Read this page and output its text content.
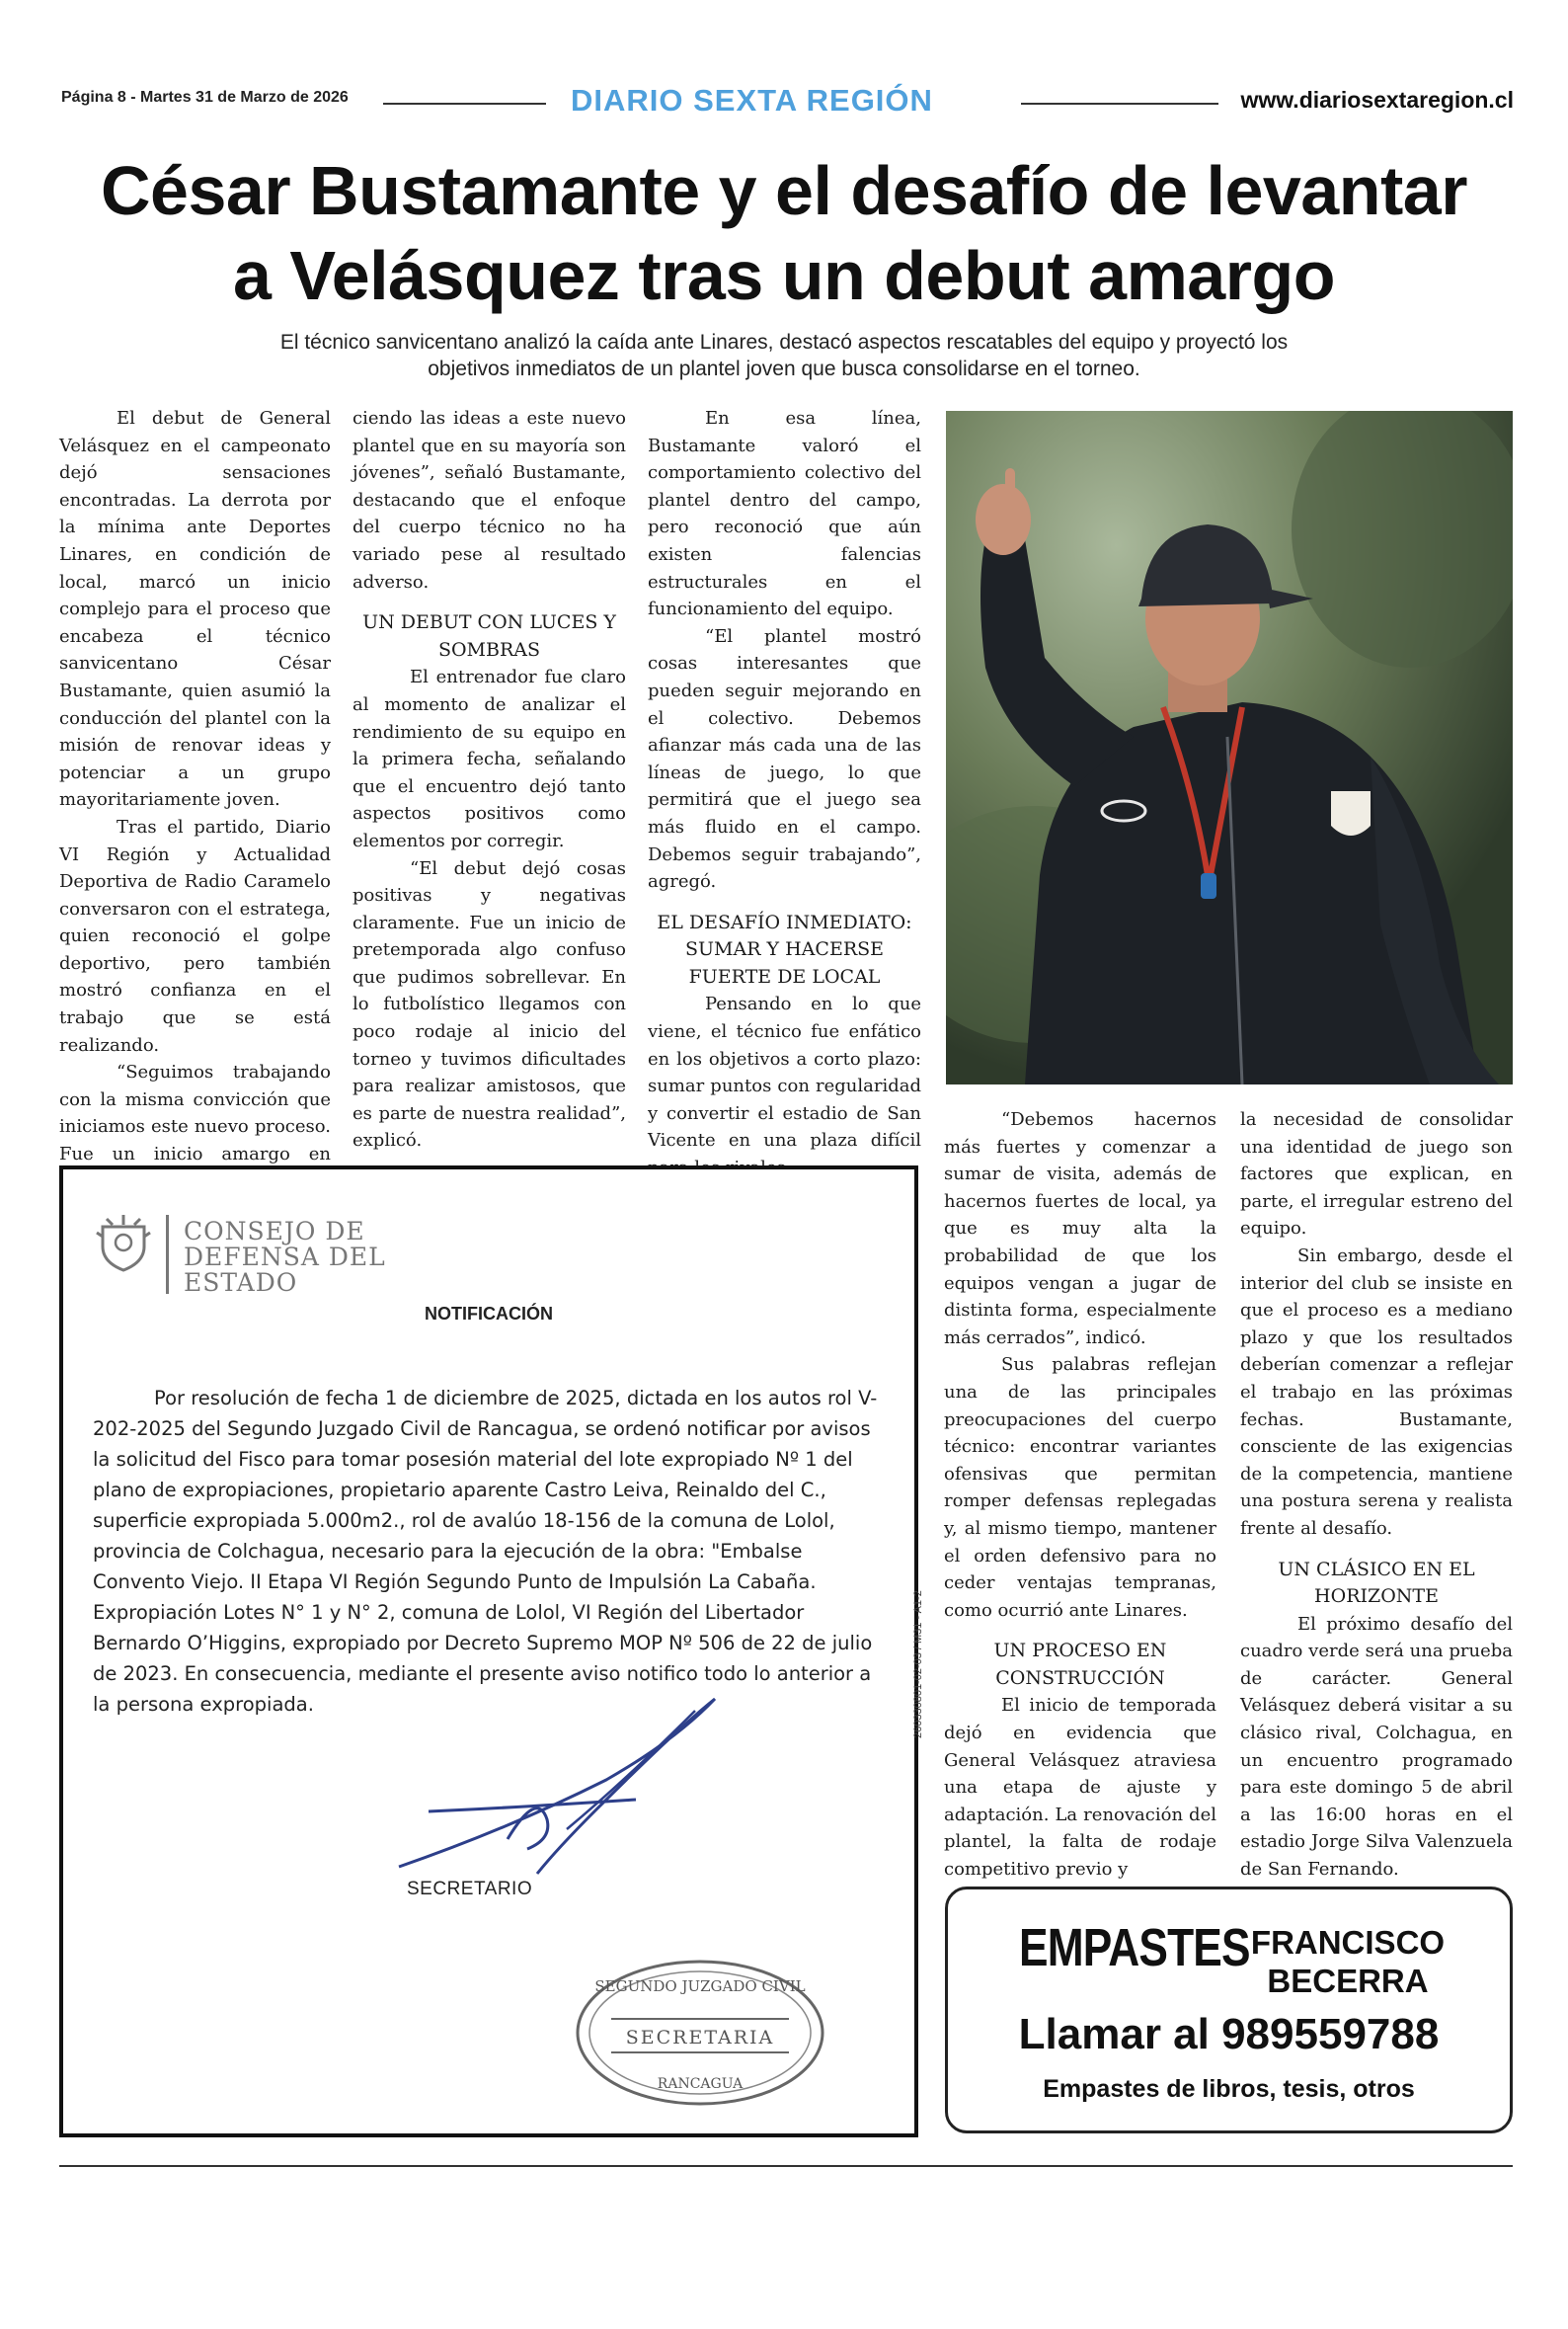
Página 8 - Martes 31 de Marzo de 2026	DIARIO SEXTA REGIÓN	www.diariosextaregion.cl
César Bustamante y el desafío de levantar
a Velásquez tras un debut amargo
El técnico sanvicentano analizó la caída ante Linares, destacó aspectos rescatables del equipo y proyectó los objetivos inmediatos de un plantel joven que busca consolidarse en el torneo.

El debut de General Velásquez en el campeonato dejó sensaciones encontradas. La derrota por la mínima ante Deportes Linares, en condición de local, marcó un inicio complejo para el proceso que encabeza el técnico sanvicentano César Bustamante, quien asumió la conducción del plantel con la misión de renovar ideas y potenciar a un grupo mayoritariamente joven.

Tras el partido, Diario VI Región y Actualidad Deportiva de Radio Caramelo conversaron con el estratega, quien reconoció el golpe deportivo, pero también mostró confianza en el trabajo que se está realizando.

“Seguimos trabajando con la misma convicción que iniciamos este nuevo proceso. Fue un inicio amargo en

ciendo las ideas a este nuevo plantel que en su mayoría son jóvenes”, señaló Bustamante, destacando que el enfoque del cuerpo técnico no ha variado pese al resultado adverso.

UN DEBUT CON LUCES Y SOMBRAS

El entrenador fue claro al momento de analizar el rendimiento de su equipo en la primera fecha, señalando que el encuentro dejó tanto aspectos positivos como elementos por corregir.

“El debut dejó cosas positivas y negativas claramente. Fue un inicio de pretemporada algo confuso que pudimos sobrellevar. En lo futbolístico llegamos con poco rodaje al inicio del torneo y tuvimos dificultades para realizar amistosos, que es parte de nuestra realidad”, explicó.

En esa línea, Bustamante valoró el comportamiento colectivo del plantel dentro del campo, pero reconoció que aún existen falencias estructurales en el funcionamiento del equipo.

“El plantel mostró cosas interesantes que pueden seguir mejorando en el colectivo. Debemos afianzar más cada una de las líneas de juego, lo que permitirá que el juego sea más fluido en el campo. Debemos seguir trabajando”, agregó.

EL DESAFÍO INMEDIATO: SUMAR Y HACERSE FUERTE DE LOCAL

Pensando en lo que viene, el técnico fue enfático en los objetivos a corto plazo: sumar puntos con regularidad y convertir el estadio de San Vicente en una plaza difícil

“Debemos hacernos más fuertes y comenzar a sumar de visita, además de hacernos fuertes de local, ya que es muy alta la probabilidad de que los equipos vengan a jugar de distinta forma, especialmente más cerrados”, indicó.

Sus palabras reflejan una de las principales preocupaciones del cuerpo técnico: encontrar variantes ofensivas que permitan romper defensas replegadas y, al mismo tiempo, mantener el orden defensivo para no ceder ventajas tempranas, como ocurrió ante Linares.

UN PROCESO EN CONSTRUCCIÓN

El inicio de temporada dejó en evidencia que General Velásquez atraviesa una etapa de ajuste y adaptación. La renovación del plantel, la falta de rodaje competitivo previo y

la necesidad de consolidar una identidad de juego son factores que explican, en parte, el irregular estreno del equipo.

Sin embargo, desde el interior del club se insiste en que el proceso es a mediano plazo y que los resultados deberían comenzar a reflejar el trabajo en las próximas fechas. Bustamante, consciente de las exigencias de la competencia, mantiene una postura serena y realista frente al desafío.

UN CLÁSICO EN EL HORIZONTE

El próximo desafío del cuadro verde será una prueba de carácter. General Velásquez deberá visitar a su clásico rival, Colchagua, en un encuentro programado para este domingo 5 de abril a las 16:00 horas en el estadio Jorge Silva Valenzuela de San Fernando.

CONSEJO DE
DEFENSA DEL
ESTADO
NOTIFICACIÓN

Por resolución de fecha 1 de diciembre de 2025, dictada en los autos rol V-202-2025 del Segundo Juzgado Civil de Rancagua, se ordenó notificar por avisos la solicitud del Fisco para tomar posesión material del lote expropiado Nº 1 del plano de expropiaciones, propietario aparente Castro Leiva, Reinaldo del C., superficie expropiada 5.000m2., rol de avalúo 18-156 de la comuna de Lolol, provincia de Colchagua, necesario para la ejecución de la obra: "Embalse Convento Viejo. II Etapa VI Región Segundo Punto de Impulsión La Cabaña. Expropiación Lotes N° 1 y N° 2, comuna de Lolol, VI Región del Libertador Bernardo O’Higgins, expropiado por Decreto Supremo MOP Nº 506 de 22 de julio de 2023. En consecuencia, mediante el presente aviso notifico todo lo anterior a la persona expropiada.

SECRETARIO
SEGUNDO JUZGADO CIVIL
SECRETARIA
RANCAGUA
260330801-02-03 / M31 - A1-2
EMPASTES FRANCISCO
BECERRA
Llamar al 989559788
Empastes de libros, tesis, otros
